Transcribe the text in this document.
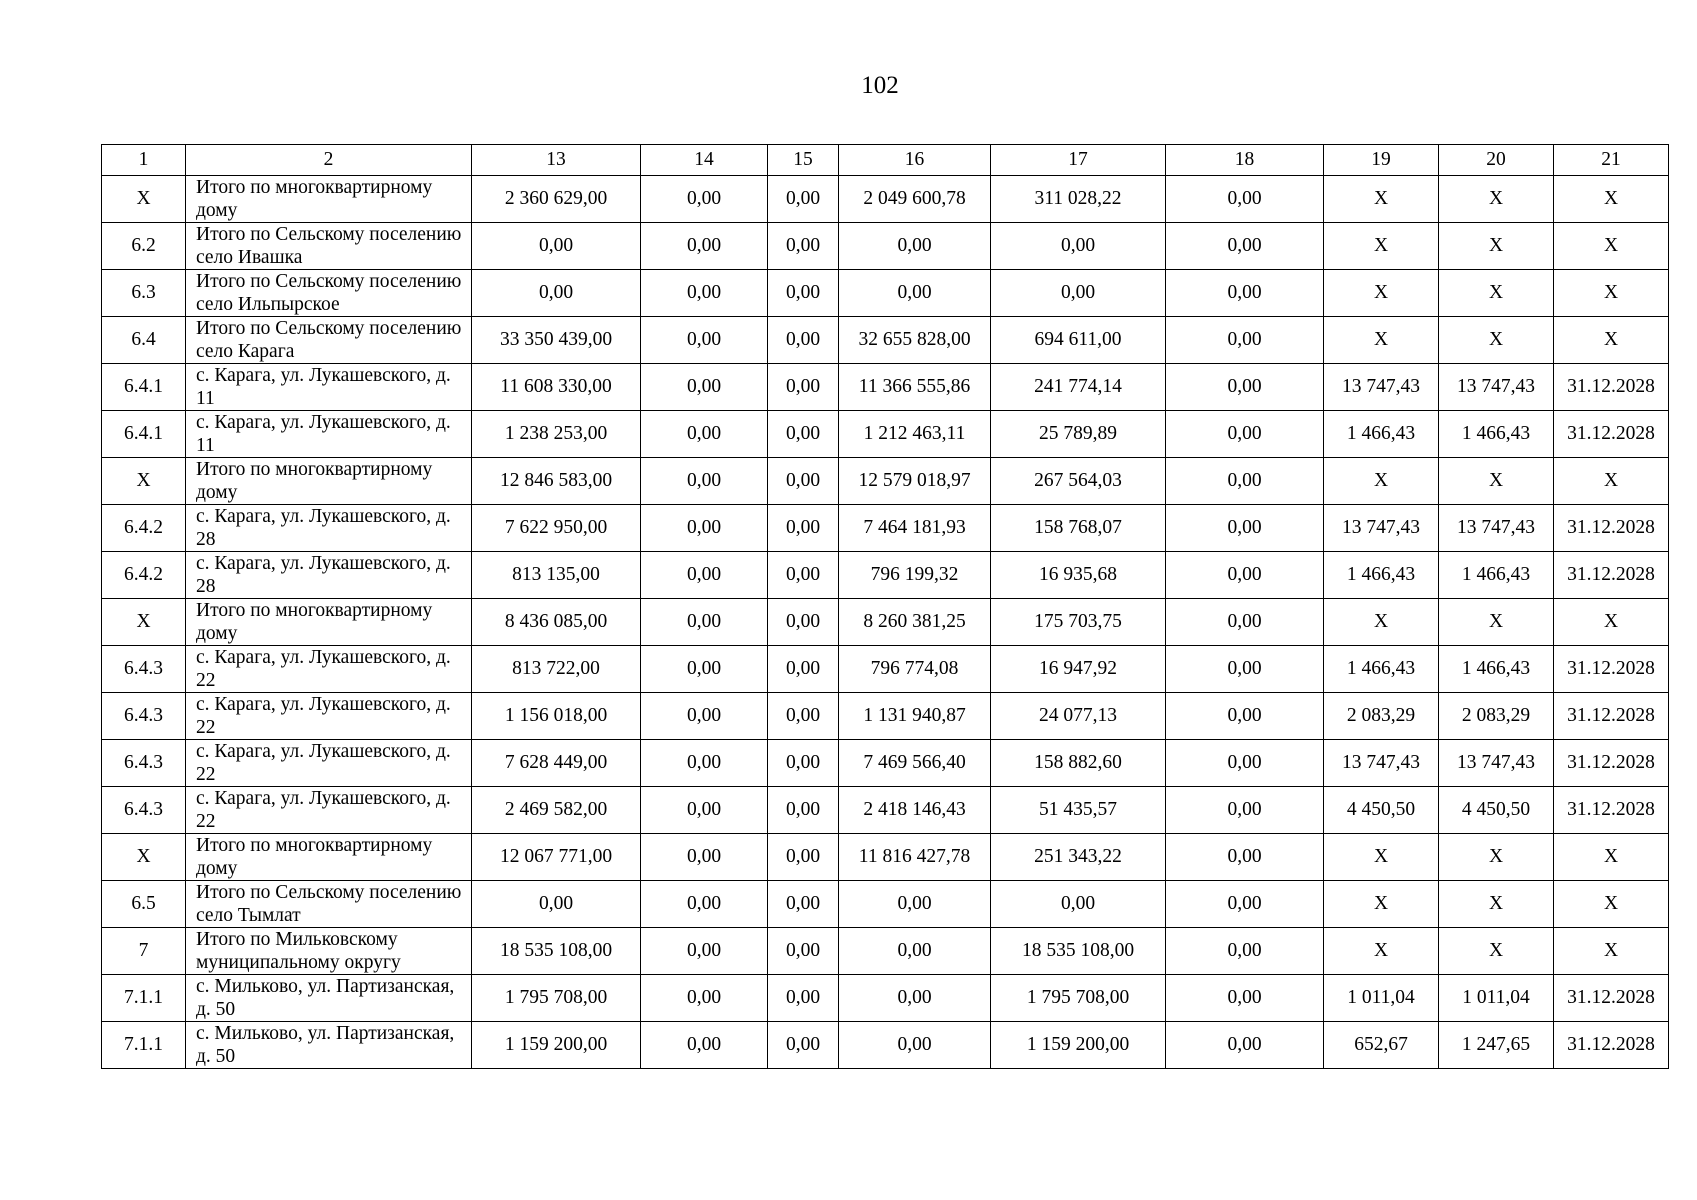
102
1	2	13	14	15	16	17	18	19	20	21
Х	Итого по многоквартирному дому	2 360 629,00	0,00	0,00	2 049 600,78	311 028,22	0,00	Х	Х	Х
6.2	Итого по Сельскому поселению село Ивашка	0,00	0,00	0,00	0,00	0,00	0,00	Х	Х	Х
6.3	Итого по Сельскому поселению село Ильпырское	0,00	0,00	0,00	0,00	0,00	0,00	Х	Х	Х
6.4	Итого по Сельскому поселению село Карага	33 350 439,00	0,00	0,00	32 655 828,00	694 611,00	0,00	Х	Х	Х
6.4.1	с. Карага, ул. Лукашевского, д. 11	11 608 330,00	0,00	0,00	11 366 555,86	241 774,14	0,00	13 747,43	13 747,43	31.12.2028
6.4.1	с. Карага, ул. Лукашевского, д. 11	1 238 253,00	0,00	0,00	1 212 463,11	25 789,89	0,00	1 466,43	1 466,43	31.12.2028
Х	Итого по многоквартирному дому	12 846 583,00	0,00	0,00	12 579 018,97	267 564,03	0,00	Х	Х	Х
6.4.2	с. Карага, ул. Лукашевского, д. 28	7 622 950,00	0,00	0,00	7 464 181,93	158 768,07	0,00	13 747,43	13 747,43	31.12.2028
6.4.2	с. Карага, ул. Лукашевского, д. 28	813 135,00	0,00	0,00	796 199,32	16 935,68	0,00	1 466,43	1 466,43	31.12.2028
Х	Итого по многоквартирному дому	8 436 085,00	0,00	0,00	8 260 381,25	175 703,75	0,00	Х	Х	Х
6.4.3	с. Карага, ул. Лукашевского, д. 22	813 722,00	0,00	0,00	796 774,08	16 947,92	0,00	1 466,43	1 466,43	31.12.2028
6.4.3	с. Карага, ул. Лукашевского, д. 22	1 156 018,00	0,00	0,00	1 131 940,87	24 077,13	0,00	2 083,29	2 083,29	31.12.2028
6.4.3	с. Карага, ул. Лукашевского, д. 22	7 628 449,00	0,00	0,00	7 469 566,40	158 882,60	0,00	13 747,43	13 747,43	31.12.2028
6.4.3	с. Карага, ул. Лукашевского, д. 22	2 469 582,00	0,00	0,00	2 418 146,43	51 435,57	0,00	4 450,50	4 450,50	31.12.2028
Х	Итого по многоквартирному дому	12 067 771,00	0,00	0,00	11 816 427,78	251 343,22	0,00	Х	Х	Х
6.5	Итого по Сельскому поселению село Тымлат	0,00	0,00	0,00	0,00	0,00	0,00	Х	Х	Х
7	Итого по Мильковскому муниципальному округу	18 535 108,00	0,00	0,00	0,00	18 535 108,00	0,00	Х	Х	Х
7.1.1	с. Мильково, ул. Партизанская, д. 50	1 795 708,00	0,00	0,00	0,00	1 795 708,00	0,00	1 011,04	1 011,04	31.12.2028
7.1.1	с. Мильково, ул. Партизанская, д. 50	1 159 200,00	0,00	0,00	0,00	1 159 200,00	0,00	652,67	1 247,65	31.12.2028
